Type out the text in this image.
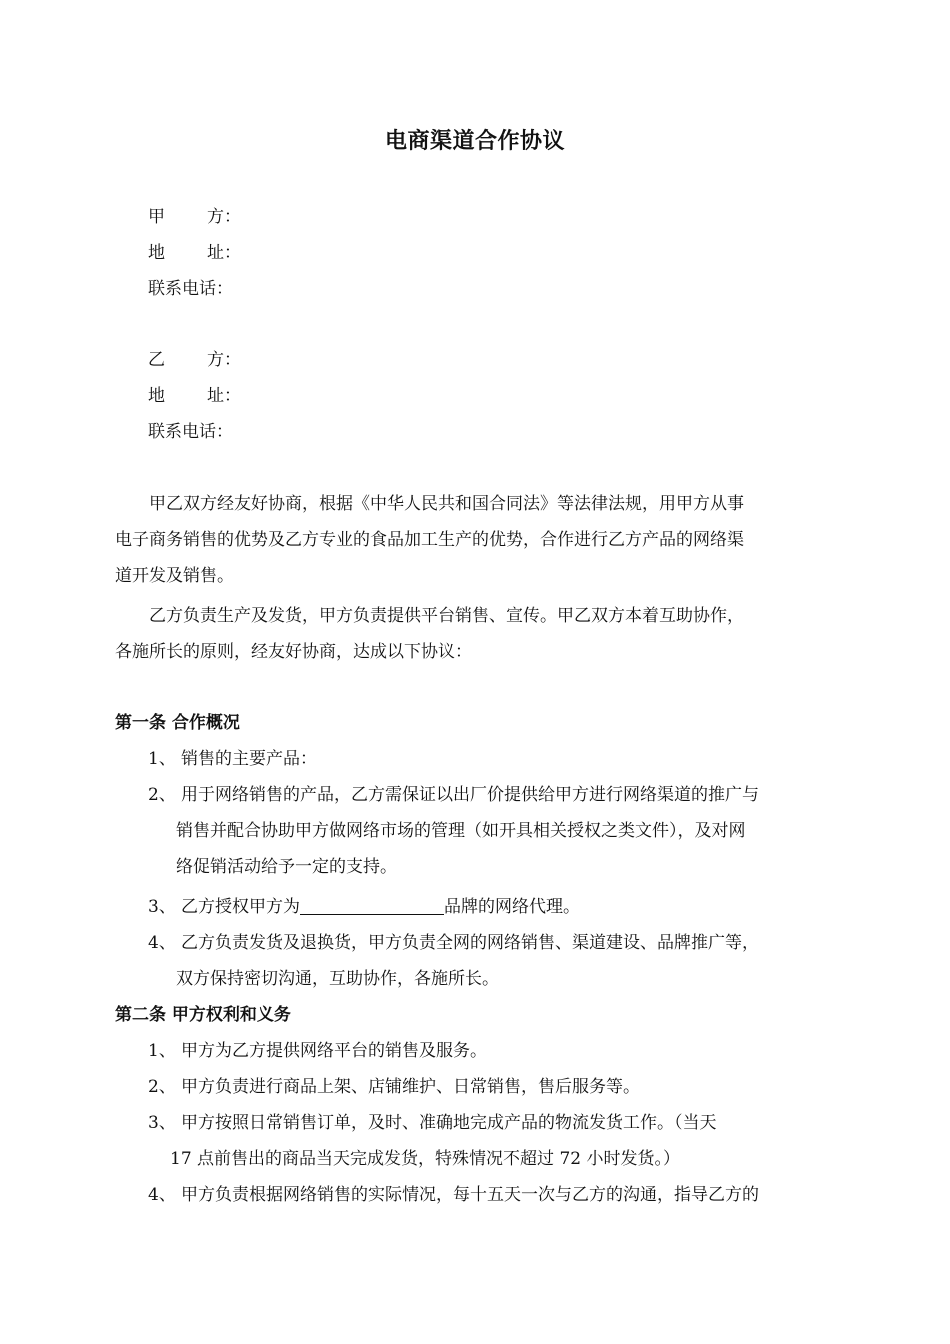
电商渠道合作协议
甲 方：
地 址：
联系电话：
乙 方：
地 址：
联系电话：
　　甲乙双方经友好协商，根据《中华人民共和国合同法》等法律法规，用甲方从事
电子商务销售的优势及乙方专业的食品加工生产的优势，合作进行乙方产品的网络渠
道开发及销售。
　　乙方负责生产及发货，甲方负责提供平台销售、宣传。甲乙双方本着互助协作，
各施所长的原则，经友好协商，达成以下协议：
第一条 合作概况
1、 销售的主要产品：
2、 用于网络销售的产品，乙方需保证以出厂价提供给甲方进行网络渠道的推广与
销售并配合协助甲方做网络市场的管理（如开具相关授权之类文件），及对网
络促销活动给予一定的支持。
3、 乙方授权甲方为	品牌的网络代理。
4、 乙方负责发货及退换货，甲方负责全网的网络销售、渠道建设、品牌推广等，
双方保持密切沟通，互助协作，各施所长。
第二条 甲方权利和义务
1、 甲方为乙方提供网络平台的销售及服务。
2、 甲方负责进行商品上架、店铺维护、日常销售，售后服务等。
3、 甲方按照日常销售订单，及时、准确地完成产品的物流发货工作。（当天
17 点前售出的商品当天完成发货，特殊情况不超过 72 小时发货。）
4、 甲方负责根据网络销售的实际情况，每十五天一次与乙方的沟通，指导乙方的
